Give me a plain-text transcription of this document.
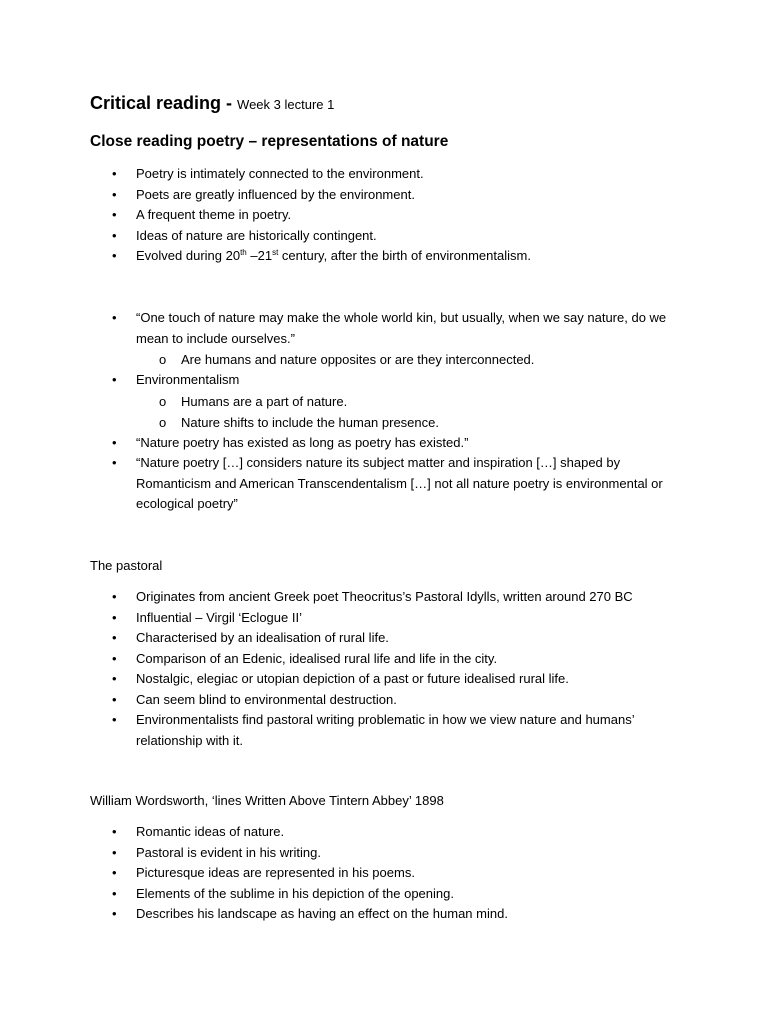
Critical reading - Week 3 lecture 1
Close reading poetry – representations of nature
• Poetry is intimately connected to the environment.
• Poets are greatly influenced by the environment.
• A frequent theme in poetry.
• Ideas of nature are historically contingent.
• Evolved during 20th –21st century, after the birth of environmentalism.
• “One touch of nature may make the whole world kin, but usually, when we say nature, do we mean to include ourselves.”
o Are humans and nature opposites or are they interconnected.
• Environmentalism
o Humans are a part of nature.
o Nature shifts to include the human presence.
• “Nature poetry has existed as long as poetry has existed.”
• “Nature poetry […] considers nature its subject matter and inspiration […] shaped by Romanticism and American Transcendentalism […] not all nature poetry is environmental or ecological poetry”
The pastoral
• Originates from ancient Greek poet Theocritus’s Pastoral Idylls, written around 270 BC
• Influential – Virgil ‘Eclogue II’
• Characterised by an idealisation of rural life.
• Comparison of an Edenic, idealised rural life and life in the city.
• Nostalgic, elegiac or utopian depiction of a past or future idealised rural life.
• Can seem blind to environmental destruction.
• Environmentalists find pastoral writing problematic in how we view nature and humans’ relationship with it.
William Wordsworth, ‘lines Written Above Tintern Abbey’ 1898
• Romantic ideas of nature.
• Pastoral is evident in his writing.
• Picturesque ideas are represented in his poems.
• Elements of the sublime in his depiction of the opening.
• Describes his landscape as having an effect on the human mind.
